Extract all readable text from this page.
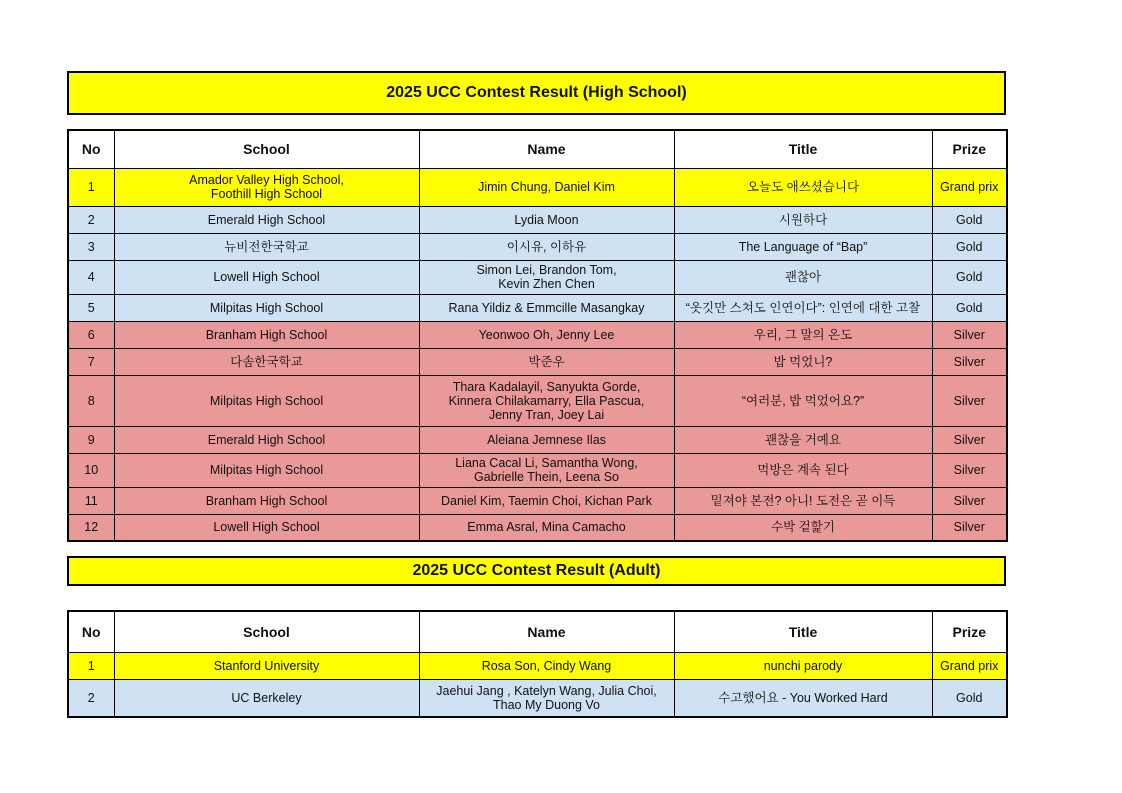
2025 UCC Contest Result (High School)
No	School	Name	Title	Prize
1	Amador Valley High School,
Foothill High School	Jimin Chung, Daniel Kim	오늘도 애쓰셨습니다	Grand prix
2	Emerald High School	Lydia Moon	시원하다	Gold
3	뉴비전한국학교	이시유, 이하유	The Language of “Bap”	Gold
4	Lowell High School	Simon Lei, Brandon Tom,
Kevin Zhen Chen	괜찮아	Gold
5	Milpitas High School	Rana Yildiz & Emmcille Masangkay	“옷깃만 스쳐도 인연이다”: 인연에 대한 고찰	Gold
6	Branham High School	Yeonwoo Oh, Jenny Lee	우리, 그 말의 온도	Silver
7	다솜한국학교	박준우	밥 먹었니?	Silver
8	Milpitas High School	Thara Kadalayil, Sanyukta Gorde,
Kinnera Chilakamarry, Ella Pascua,
Jenny Tran, Joey Lai	“여러분, 밥 먹었어요?”	Silver
9	Emerald High School	Aleiana Jemnese Ilas	괜찮을 거예요	Silver
10	Milpitas High School	Liana Cacal Li, Samantha Wong,
Gabrielle Thein, Leena So	먹방은 계속 된다	Silver
11	Branham High School	Daniel Kim, Taemin Choi, Kichan Park	밑져야 본전? 아니! 도전은 곧 이득	Silver
12	Lowell High School	Emma Asral, Mina Camacho	수박 겉핥기	Silver
2025 UCC Contest Result (Adult)
No	School	Name	Title	Prize
1	Stanford University	Rosa Son, Cindy Wang	nunchi parody	Grand prix
2	UC Berkeley	Jaehui Jang , Katelyn Wang, Julia Choi,
Thao My Duong Vo	수고했어요 - You Worked Hard	Gold
